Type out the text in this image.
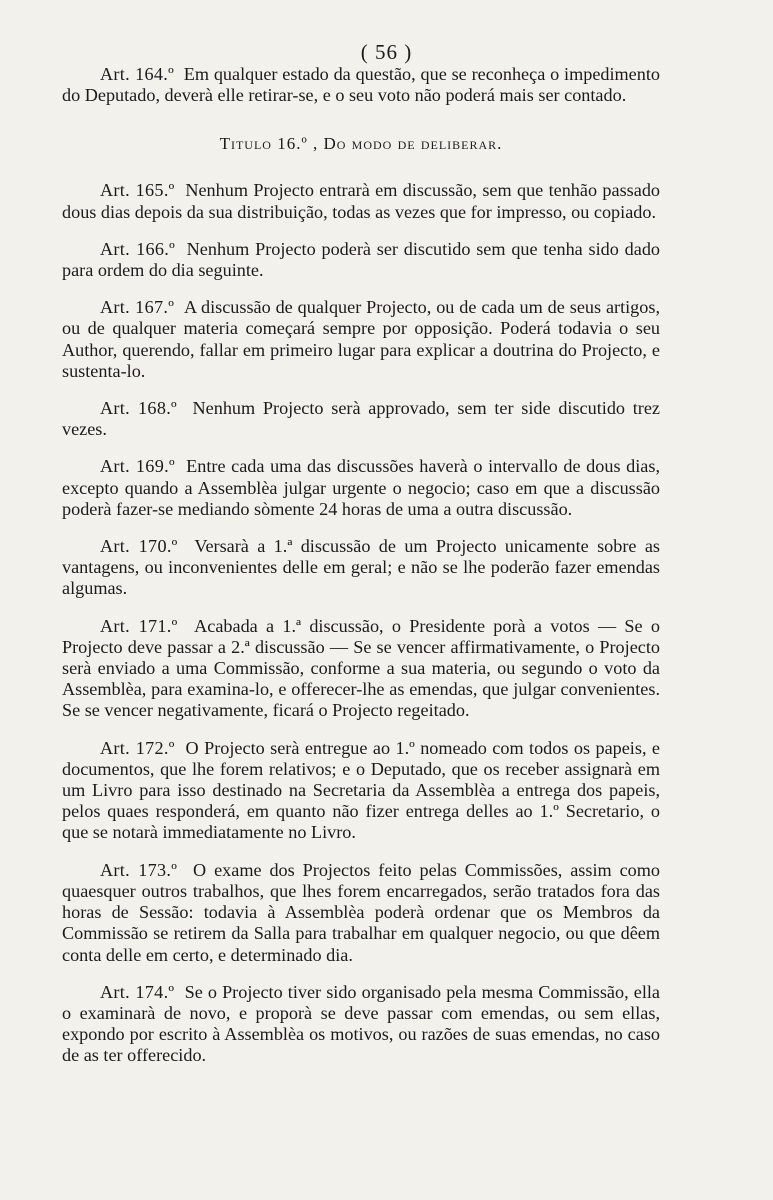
( 56 )

Art. 164.º Em qualquer estado da questão, que se reconheça o impedimento do Deputado, deverà elle retirar-se, e o seu voto não poderá mais ser contado.

Titulo 16.º , Do modo de deliberar.

Art. 165.º Nenhum Projecto entrarà em discussão, sem que tenhão passado dous dias depois da sua distribuição, todas as vezes que for impresso, ou copiado.

Art. 166.º Nenhum Projecto poderà ser discutido sem que tenha sido dado para ordem do dia seguinte.

Art. 167.º A discussão de qualquer Projecto, ou de cada um de seus artigos, ou de qualquer materia começará sempre por opposição. Poderá todavia o seu Author, querendo, fallar em primeiro lugar para explicar a doutrina do Projecto, e sustenta-lo.

Art. 168.º Nenhum Projecto serà approvado, sem ter side discutido trez vezes.

Art. 169.º Entre cada uma das discussões haverà o intervallo de dous dias, excepto quando a Assemblèa julgar urgente o negocio; caso em que a discussão poderà fazer-se mediando sòmente 24 horas de uma a outra discussão.

Art. 170.º Versarà a 1.ª discussão de um Projecto unicamente sobre as vantagens, ou inconvenientes delle em geral; e não se lhe poderão fazer emendas algumas.

Art. 171.º Acabada a 1.ª discussão, o Presidente porà a votos — Se o Projecto deve passar a 2.ª discussão — Se se vencer affirmativamente, o Projecto serà enviado a uma Commissão, conforme a sua materia, ou segundo o voto da Assemblèa, para examina-lo, e offerecer-lhe as emendas, que julgar convenientes. Se se vencer negativamente, ficará o Projecto regeitado.

Art. 172.º O Projecto serà entregue ao 1.º nomeado com todos os papeis, e documentos, que lhe forem relativos; e o Deputado, que os receber assignarà em um Livro para isso destinado na Secretaria da Assemblèa a entrega dos papeis, pelos quaes responderá, em quanto não fizer entrega delles ao 1.º Secretario, o que se notarà immediatamente no Livro.

Art. 173.º O exame dos Projectos feito pelas Commissões, assim como quaesquer outros trabalhos, que lhes forem encarregados, serão tratados fora das horas de Sessão: todavia à Assemblèa poderà ordenar que os Membros da Commissão se retirem da Salla para trabalhar em qualquer negocio, ou que dêem conta delle em certo, e determinado dia.

Art. 174.º Se o Projecto tiver sido organisado pela mesma Commissão, ella o examinarà de novo, e proporà se deve passar com emendas, ou sem ellas, expondo por escrito à Assemblèa os motivos, ou razões de suas emendas, no caso de as ter offerecido.
